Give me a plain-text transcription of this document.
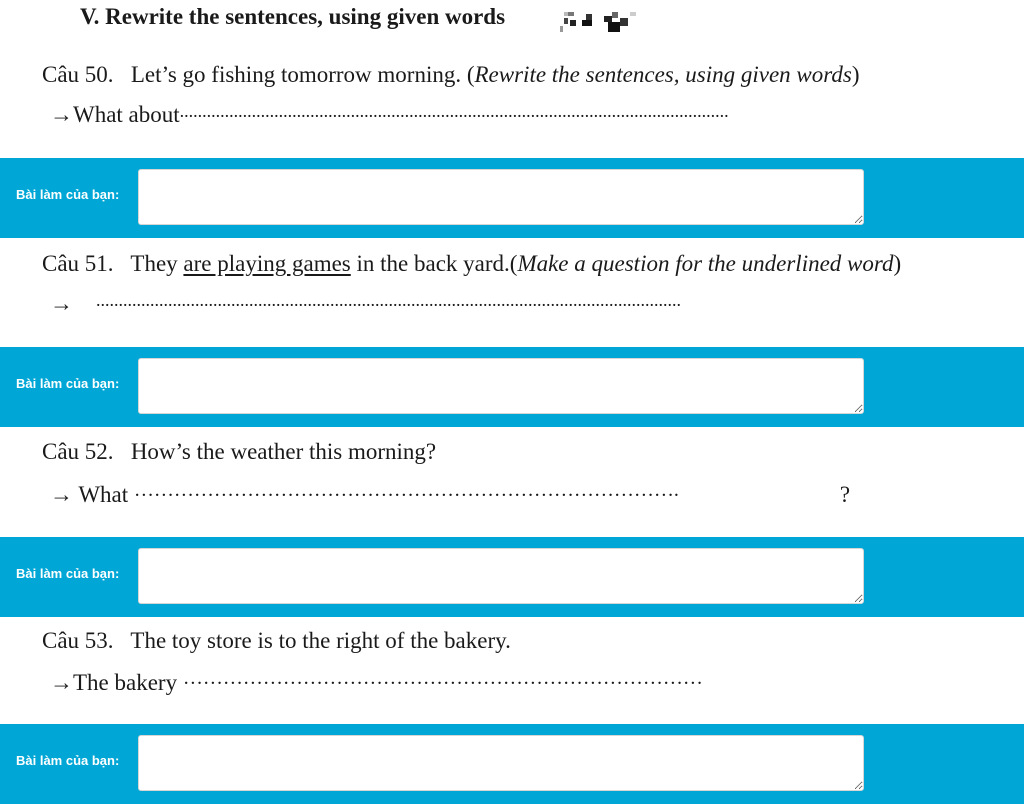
V. Rewrite the sentences, using given words
Câu 50. Let’s go fishing tomorrow morning. (Rewrite the sentences, using given words)
→What about..........................................................................................................................
Bài làm của bạn:
Câu 51. They are playing games in the back yard.(Make a question for the underlined word)
→ ..................................................................................................................................
Bài làm của bạn:
Câu 52. How’s the weather this morning?
→ What ……………………………………………………………………….	?
Bài làm của bạn:
Câu 53. The toy store is to the right of the bakery.
→The bakery ……………………………………………………………………
Bài làm của bạn:
